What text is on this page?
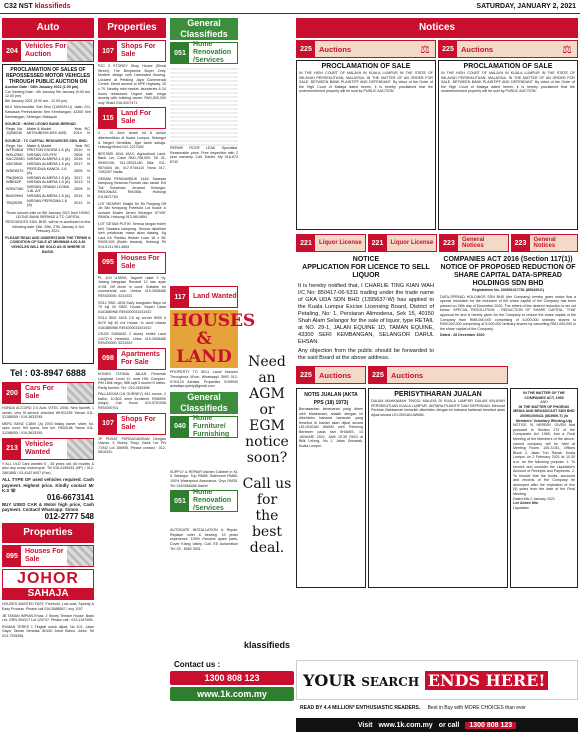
C32 NST klassifieds	SATURDAY, JANUARY 2, 2021
Auto
204
Vehicles For Auction
PROCLAMATION OF SALES OF REPOSSESSED MOTOR VEHICLES THROUGH PUBLIC AUCTION ON
Auction Date : 08th January 2021 (1.00 pm)
Car Viewing Date : 4th January 9th January (9.00 am-12.00 pm)
8th January 2021 (9.00 am - 12.00 pm)
MLV Merchandise Sdn Bhd (1169029-U) Jalan G/1, Kawasan Perindustrian Seri Kembangan, 43300 Seri Kembangan, Selangor, Malaysia
SOURCE : HONG LEONG BANK BERHAD
Regn. No.	Make & Model	Year	RC
JQN8230	MITSUBISHI ASX 4WD	2014	N
SOURCE : TC CAPITAL RESOURCES SDN. BHD.
Regn. No.	Make & Model	Year	RC
WTR4816	PROTON EXORA 1.6 (A)	2010	N
WKU2552	NISSAN SYLPHY	2008	N
SAC2006C	NISSAN ALMERA 1.5 (A)	2016	N
VAC9840	NISSAN ALMERA 1.5 (A)	2017	N
WDE8370	PERODUA KANCIL 1.6 (A)	2005	N
PNQ6603	NISSAN ALMERA 1.5 (A)	2017	N
WBK62P	NISSAN ALMERA 1.5 (A)	2013	N
WSN7160	NISSAN GRAND LIVINA 1.8L A/T	2009	N
BMG9994	NISSAN ALMERA 1.5 (A)	2014	N
TBQ9295	NISSAN PERSONA 1.6 (A)	2012	N
Those unsold units on 8th January 2021 from HONG LEONG BANK BERHAD & TC CAPITAL RESOURCES SDN. BHD. will be re-auctioned on the following date 13th, 20th, 27th January & 3rd February 2021.
PLEASE READ AND UNDERSTAND THE TERMS & CONDITION OF SALE AT MINIMUM 4.00 A.M. VEHICLES WILL BE SOLD AS IS WHERE IS BASIS.
Tel : 03-8947 6888
200
Cars For Sale
HONDA ACCORD 2.0 Auto VITEC 2006, New facelift, 1 owner, very fit service checked WHG2156 Yaman 011-31288055 / 019-3633295.
MERC BENZ C180K (A) 2003 Malay owner, silver, ful-spec cond, fell specs, low km. RM26,8k Yanus 011-31288055 / 019-3633295.
213
Vehicles Wanted
!! ALL OLD Cars wanted 5 - 35 years old. All models & also any scrap motorcycle. Tel 016-4199433 (HP) / 012-2661885 / 03-4142 6007 (Fax)
ALL TYPE OF used vehicles required. Cash payment. Highest price. Kindly contact Mr K.S ☏
016-6673141
BUY USED CAR & Motor high price, Cash payment. Contact/ Whatsapp: Simon
012-2777 548
Properties
095
Houses For Sale
JOHOR
SAHAJA
HOUSES WANTED FAST, Freehold, Low-cost, Speedy & Easy Process. Please call 016-5588587 / ecy 1157
JB TAMAN IMPIAN Emas. 2 Storey Terrace House. Bank Let. GRN 394317 Lot 125747. Please call : 013-1347655.
RUMAN TERES 1 Tingkat untuk dijual, No 101, Jalan Gaya, Taman Sentosa, 80150 Johor Bahru, Johor. Tel 013-7205396.
Properties
107
Shops For Sale
P2C 3 STOREY Shop House (Shoal Street), The Benjamins Buyer Only. Modern design with Laminated flooring. Located at Petaling Jaya Commercial Centre. Direct access to NPE Highway. 20 x 70. Nearby mini market, launderies & 24 hours restaurant. Urgent sale: mega density with building owner. RM1,600,000 only Ghani 016-6207471
115
Land For Sale
3 - 10 Acre tanah lot & dusun diberhentikan di Kuala Lumpur, Selangor & Negeri Sembilan. Ajar tarah sahaja. Hubungi Mohd 012-2217269
BESTARI JAYA 10AC, Agricultural Land, Bank Let, Cash RM1,798,000. Tel 01-59492108, 011-39321180 Bila, 011-9874454 Ali, 017-9740410 Hana 017-7493257 Nadia.
GEBAM PENDAMBLIK 14AC Saasara kampung Besenta Rumah dan tanah Ext Tok Sukaiman Jerantut Selangor. RM100k/AC RM150k. Hubungi 0113671763
LOT NEARBY Masjid Sri Bir Panjang Off Jln Bkt Kerayong Freehold Lot house & orchard Mukim Jeram Selangor 67'x90' RM40k. Hubungi 013-9814854
LOT GETAM PUTIH. Semua tangan boleh beli. Saasara kampung. Semua dipelihari oleh pelaburan masa akan datang. Kg Lara Kb Rantau Hisban Luas 18 x 56' RM35,000 (Boleh lewarai). Hubungi Ph 014-5131.981.4854
095
Houses For Sale
PL JLN UTARA, 3sgoret raket 2 riy. Jarang bangulan Renault 12 sas ayan 4+28. Off Move in cond. Suitable for commercial use. Urbina 019-2836466 RENO0000. 5231922
SS12 SBG JAYA Sal/y bangulam Bayo lot 79 tnjl 30 SIMC House. Seperl Utara 0161880966 RENO00031531922
SS14 SBG JAYA 2.5 dy corner 6000 d 5x79 tnjl 40 rml House. In cond Utaras 0161880966 RENO00031531922
USJ20 SUBANG 2 storey endlot Land 14x72+4 Herefold. Urina 019-2836466 RENO0000. 5231922
098
Apartments For Sale
KONDO ISTANA, JALAN Perumah Langkawi, Level 12, near HKL Complex. RM 180k nego, 988 sqft 3 rooms+2 baths. Partly furnish. Tel : 019-3451696
PALLADIUM (LN GURNEY) 941 rooms, 2 baths. 10,803 semi furnished RM650K (nego) Call Kuusi 019-5751058 RENO00701
107
Shops For Sale
JP PUSAT PERDAGANGAN Dengan Utama. 3 Storey Shop. Bank Let PN 71942 Lot 156955. Please contact : 012-5815331.
General Classifieds
051
Home Renovation /Services
REPAIR ROOF LEAK Specialist. Reasonable price. Free inspection with 2 year warranty. Call. Daniel. My 016-673 8742.
117	Land Wanted
HOUSES &
LAND
PROPERTY TO SELL Land/ Houses/ Throughout M'sia. Whatsapp/ SMS 012-5791124 Azhalia. Properties 0195040 azhaliaproperty@gmail.com
General Classifieds
040
Home Furniture/ Furnishing
SUPPLY & REPAIR kitchen Cabinet in KL & Selangor. Top RM85. Bathroom RM65, 100% Waterproof Assurance. Oryx RM35. Tel: 0163366486 Daniel
051
Home Renovation /Services
AUTOGATE INSTALLATION & Repair. Replace roller & bearing. 19 years experience. 100% Genuine spare parts. Cover Klang Valley. Call. EE Automation Tel: 03 - 8062 3931.
Need
an AGM
or
EGM
notice
soon?
Call us
for
the best
deal.
klassifieds
Contact us :
1300 808 123
www.1k.com.my
Notices
225 Auctions	⚖
PROCLAMATION OF SALE
IN THE HIGH COURT OF MALAYA IN KUALA LUMPUR IN THE STATE OF WILAYAH PERSEKUTUAN, MALAYSIA. IN THE MATTER OF AN ORDER FOR SALE. BETWEEN BANK PLAINTIFF AND DEFENDANT. By virtue of the Order of the High Court of Malaya dated herein, it is hereby proclaimed that the undermentioned property will be sold by PUBLIC AUCTION.
225 Auctions	⚖
PROCLAMATION OF SALE
IN THE HIGH COURT OF MALAYA IN KUALA LUMPUR IN THE STATE OF WILAYAH PERSEKUTUAN, MALAYSIA. IN THE MATTER OF AN ORDER FOR SALE. BETWEEN BANK PLAINTIFF AND DEFENDANT. By virtue of the Order of the High Court of Malaya dated herein, it is hereby proclaimed that the undermentioned property will be sold by PUBLIC AUCTION.
221	Liquor License	221	Liquor License	223	General Notices	223	General Notices
NOTICE
APPLICATION FOR LICENCE TO SELL LIQUOR
It is hereby notified that, I CHARLIE TING KIAN WAH I/C No: 850417-06-5311 trading under the trade name of GKA UDA SDN BHD (1395637-W) has applied to the Kuala Lumpur Excise Licensing Board, District of Petaling, No: 1, Persiaran Alimodena, Sek 15, 40150 Shah Alam Selangor for the sale of liquor, type RETAIL at NO. 29-1, JALAN EQUINE 1D, TAMAN EQUINE, 43300 SERI KEMBANGAN, SELANGOR DARUL EHSAN.
Any objection from the public should be forwarded to the said Board at the above address.
COMPANIES ACT 2016 (Section 117(1))
NOTICE OF PROPOSED REDUCTION OF SHARE CAPITAL DATA-SPREAD HOLDINGS SDN BHD
Registration No. 200901017781 (859435-K)
DATA-SPREAD HOLDINGS SDN BHD (the Company) hereby gives notice that a special resolution for the reduction of the share capital of the Company has been passed on 28th day of December 2020. The extent of the desired reduction is set out below: SPECIAL RESOLUTION - REDUCTION OF SHARE CAPITAL. THAT approval be and is hereby given for the Company to reduce the share capital of the Company from RM6,000,000 comprising of 6,000,000 ordinary shares to RM5,000,000 comprising of 5,000,000 ordinary shares by cancelling RM1,000,000 in the share capital of the Company.
Dated : 28 December 2020
225 Auctions	225 Auctions
NOTIS JUALAN (AKTA PPS (18) 1973)
Berdasarkan kebenaran yang diberi oleh Mahkamah, adalah dengan ini diberitahu bahawa hartanah yang tersebut di bawah akan dijual secara LELONGAN AWAM oleh Pelelong Berlesen pada hari KHAMIS, 14 JANUARI 2021, JAM 10.30 PAGI di Bilik Lelong, No 1, Jalan Semarak, Kuala Lumpur.
PERISYTIHARAN JUALAN
DALAM MAHKAMAH TINGGI MALAYA DI KUALA LUMPUR DALAM WILAYAH PERSEKUTUAN KUALA LUMPUR. ANTARA PLAINTIF DAN DEFENDAN. Menurut Perintah Mahkamah bertarikh diberitahu dengan ini bahawa hartanah tersebut akan dijual secara LELONGAN AWAM.
IN THE MATTER OF THE COMPANIES ACT, 1965
AND
IN THE MATTER OF PHOENIX MEDIA AND BROADCAST SDN BHD 200901005411 (863989-T) (In Members' Voluntary Winding-Up)
NOTICE IS HEREBY GIVEN that pursuant to Section 272 of the Companies Act 1965, that a Final Meeting of the Members of the above-named company will be held at Meeting Room, 100-3.041, Offices Block 2, Jalan Tun Razak, Kuala Lumpur on 2 February 2021 at 10.30 a.m. for the following purpose: 1. To receive and consider the Liquidator's Account of Receipts and Payments. 2. To resolve that the books, accounts and records of the Company be destroyed after the expiration of five (5) years from the date of the Final Meeting.
Dated this 2 January 2021
Lee Aimee Min
Liquidator
YOUR SEARCH ENDS HERE!
READ BY 4.4 MILLION* ENTHUSIASTIC READERS. Best in Buy with MORE CHOICES than ever
Visit www.1k.com.my or call	1300 808 123
